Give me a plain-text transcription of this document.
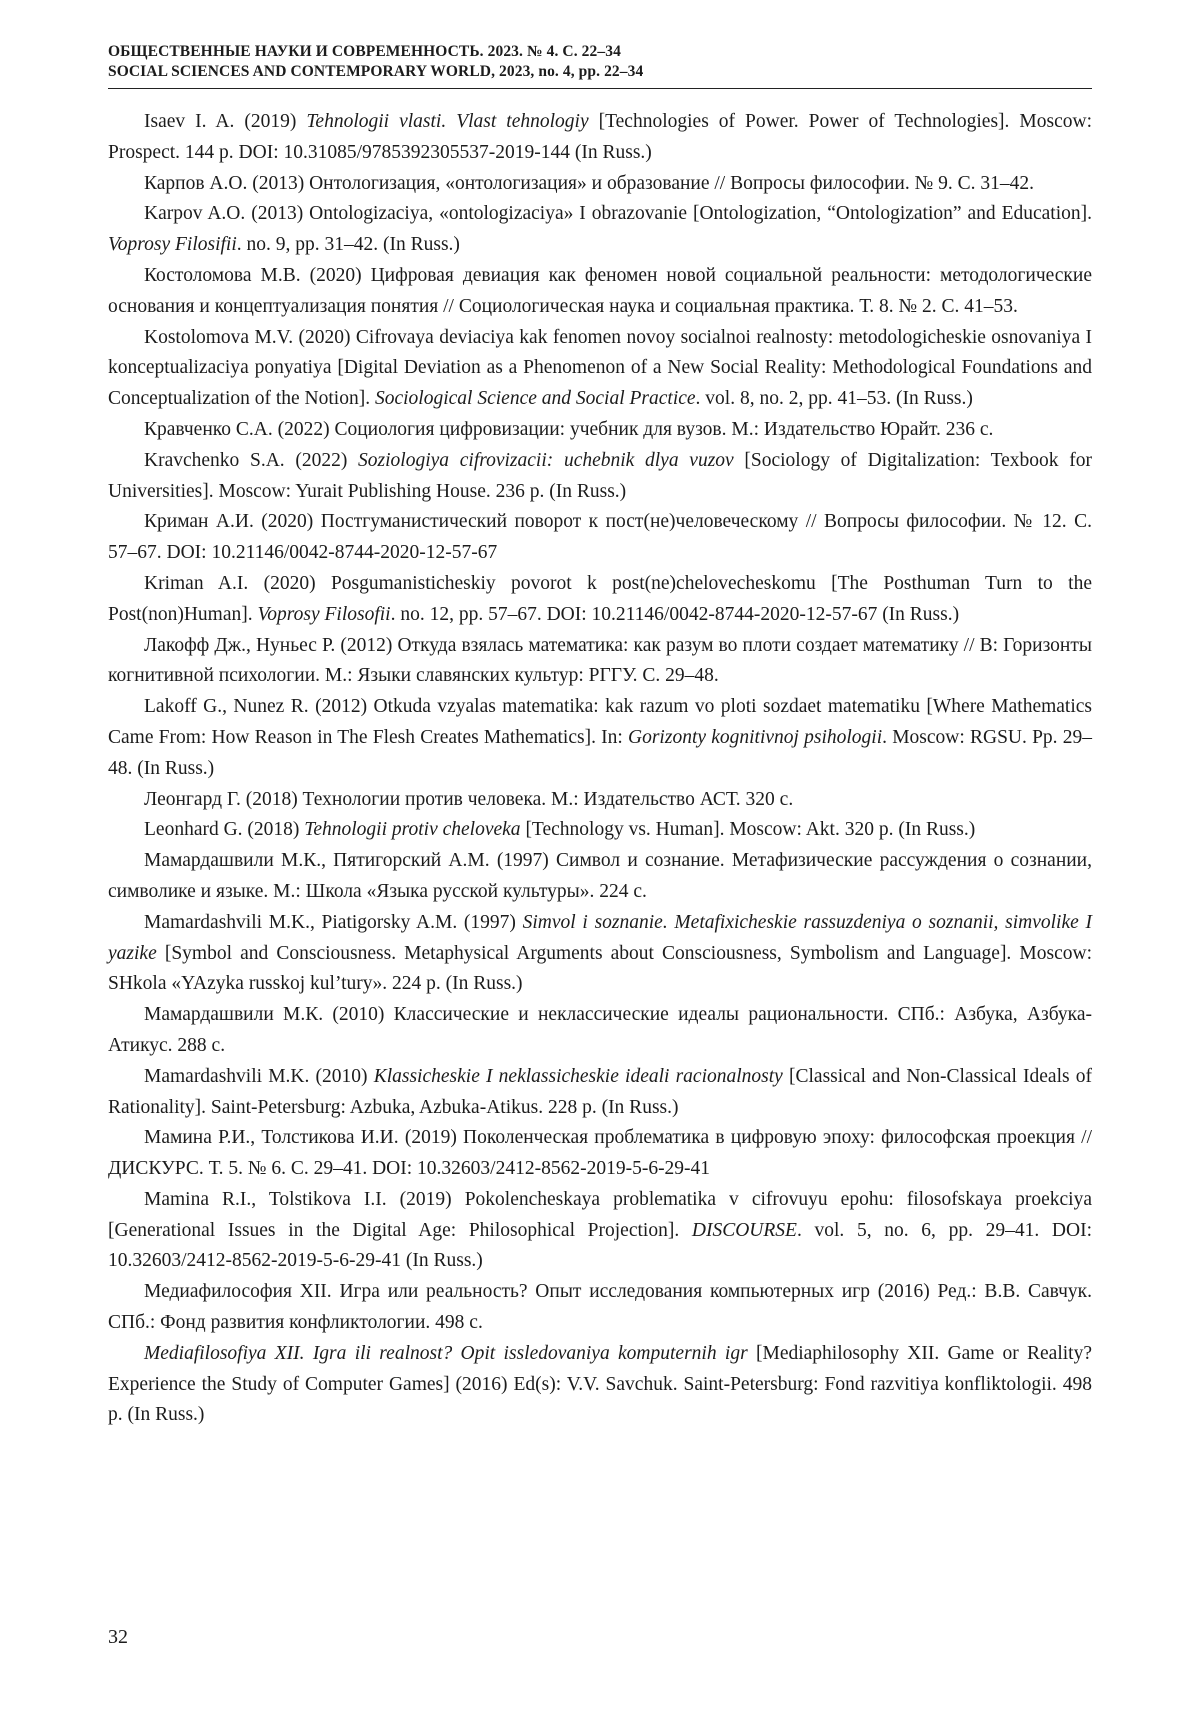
ОБЩЕСТВЕННЫЕ НАУКИ И СОВРЕМЕННОСТЬ. 2023. № 4. С. 22–34
SOCIAL SCIENCES AND CONTEMPORARY WORLD, 2023, no. 4, pp. 22–34

Isaev I. A. (2019) Tehnologii vlasti. Vlast tehnologiy [Technologies of Power. Power of Technologies]. Moscow: Prospect. 144 p. DOI: 10.31085/9785392305537-2019-144 (In Russ.)

Карпов А.О. (2013) Онтологизация, «онтологизация» и образование // Вопросы философии. № 9. С. 31–42.

Karpov A.O. (2013) Ontologizaciya, «ontologizaciya» I obrazovanie [Ontologization, “Ontologization” and Education]. Voprosy Filosifii. no. 9, pp. 31–42. (In Russ.)

Костоломова М.В. (2020) Цифровая девиация как феномен новой социальной реальности: методологические основания и концептуализация понятия // Социологическая наука и социальная практика. Т. 8. № 2. С. 41–53.

Kostolomova M.V. (2020) Cifrovaya deviaciya kak fenomen novoy socialnoi realnosty: metodologicheskie osnovaniya I konceptualizaciya ponyatiya [Digital Deviation as a Phenomenon of a New Social Reality: Methodological Foundations and Conceptualization of the Notion]. Sociological Science and Social Practice. vol. 8, no. 2, pp. 41–53. (In Russ.)

Кравченко С.А. (2022) Социология цифровизации: учебник для вузов. М.: Издательство Юрайт. 236 с.

Kravchenko S.A. (2022) Soziologiya cifrovizacii: uchebnik dlya vuzov [Sociology of Digitalization: Texbook for Universities]. Moscow: Yurait Publishing House. 236 p. (In Russ.)

Криман А.И. (2020) Постгуманистический поворот к пост(не)человеческому // Вопросы философии. № 12. С. 57–67. DOI: 10.21146/0042-8744-2020-12-57-67

Kriman A.I. (2020) Posgumanisticheskiy povorot k post(ne)chelovecheskomu [The Posthuman Turn to the Post(non)Human]. Voprosy Filosofii. no. 12, pp. 57–67. DOI: 10.21146/0042-8744-2020-12-57-67 (In Russ.)

Лакофф Дж., Нуньес Р. (2012) Откуда взялась математика: как разум во плоти создает математику // В: Горизонты когнитивной психологии. М.: Языки славянских культур: РГГУ. С. 29–48.

Lakoff G., Nunez R. (2012) Otkuda vzyalas matematika: kak razum vo ploti sozdaet matematiku [Where Mathematics Came From: How Reason in The Flesh Creates Mathematics]. In: Gorizonty kognitivnoj psihologii. Moscow: RGSU. Pp. 29–48. (In Russ.)

Леонгард Г. (2018) Технологии против человека. М.: Издательство АСТ. 320 с.

Leonhard G. (2018) Tehnologii protiv cheloveka [Technology vs. Human]. Moscow: Akt. 320 p. (In Russ.)

Мамардашвили М.К., Пятигорский А.М. (1997) Символ и сознание. Метафизические рассуждения о сознании, символике и языке. М.: Школа «Языка русской культуры». 224 с.

Mamardashvili M.K., Piatigorsky A.M. (1997) Simvol i soznanie. Metafixicheskie rassuzdeniya o soznanii, simvolike I yazike [Symbol and Consciousness. Metaphysical Arguments about Consciousness, Symbolism and Language]. Moscow: SHkola «YAzyka russkoj kul’tury». 224 p. (In Russ.)

Мамардашвили М.К. (2010) Классические и неклассические идеалы рациональности. СПб.: Азбука, Азбука-Атикус. 288 с.

Mamardashvili M.K. (2010) Klassicheskie I neklassicheskie ideali racionalnosty [Classical and Non-Classical Ideals of Rationality]. Saint-Petersburg: Azbuka, Azbuka-Atikus. 228 p. (In Russ.)

Мамина Р.И., Толстикова И.И. (2019) Поколенческая проблематика в цифровую эпоху: философская проекция // ДИСКУРС. Т. 5. № 6. С. 29–41. DOI: 10.32603/2412-8562-2019-5-6-29-41

Mamina R.I., Tolstikova I.I. (2019) Pokolencheskaya problematika v cifrovuyu epohu: filosofskaya proekciya [Generational Issues in the Digital Age: Philosophical Projection]. DISCOURSE. vol. 5, no. 6, pp. 29–41. DOI: 10.32603/2412-8562-2019-5-6-29-41 (In Russ.)

Медиафилософия XII. Игра или реальность? Опыт исследования компьютерных игр (2016) Ред.: В.В. Савчук. СПб.: Фонд развития конфликтологии. 498 с.

Mediafilosofiya XII. Igra ili realnost? Opit issledovaniya komputernih igr [Mediaphilosophy XII. Game or Reality? Experience the Study of Computer Games] (2016) Ed(s): V.V. Savchuk. Saint-Petersburg: Fond razvitiya konfliktologii. 498 p. (In Russ.)

32
